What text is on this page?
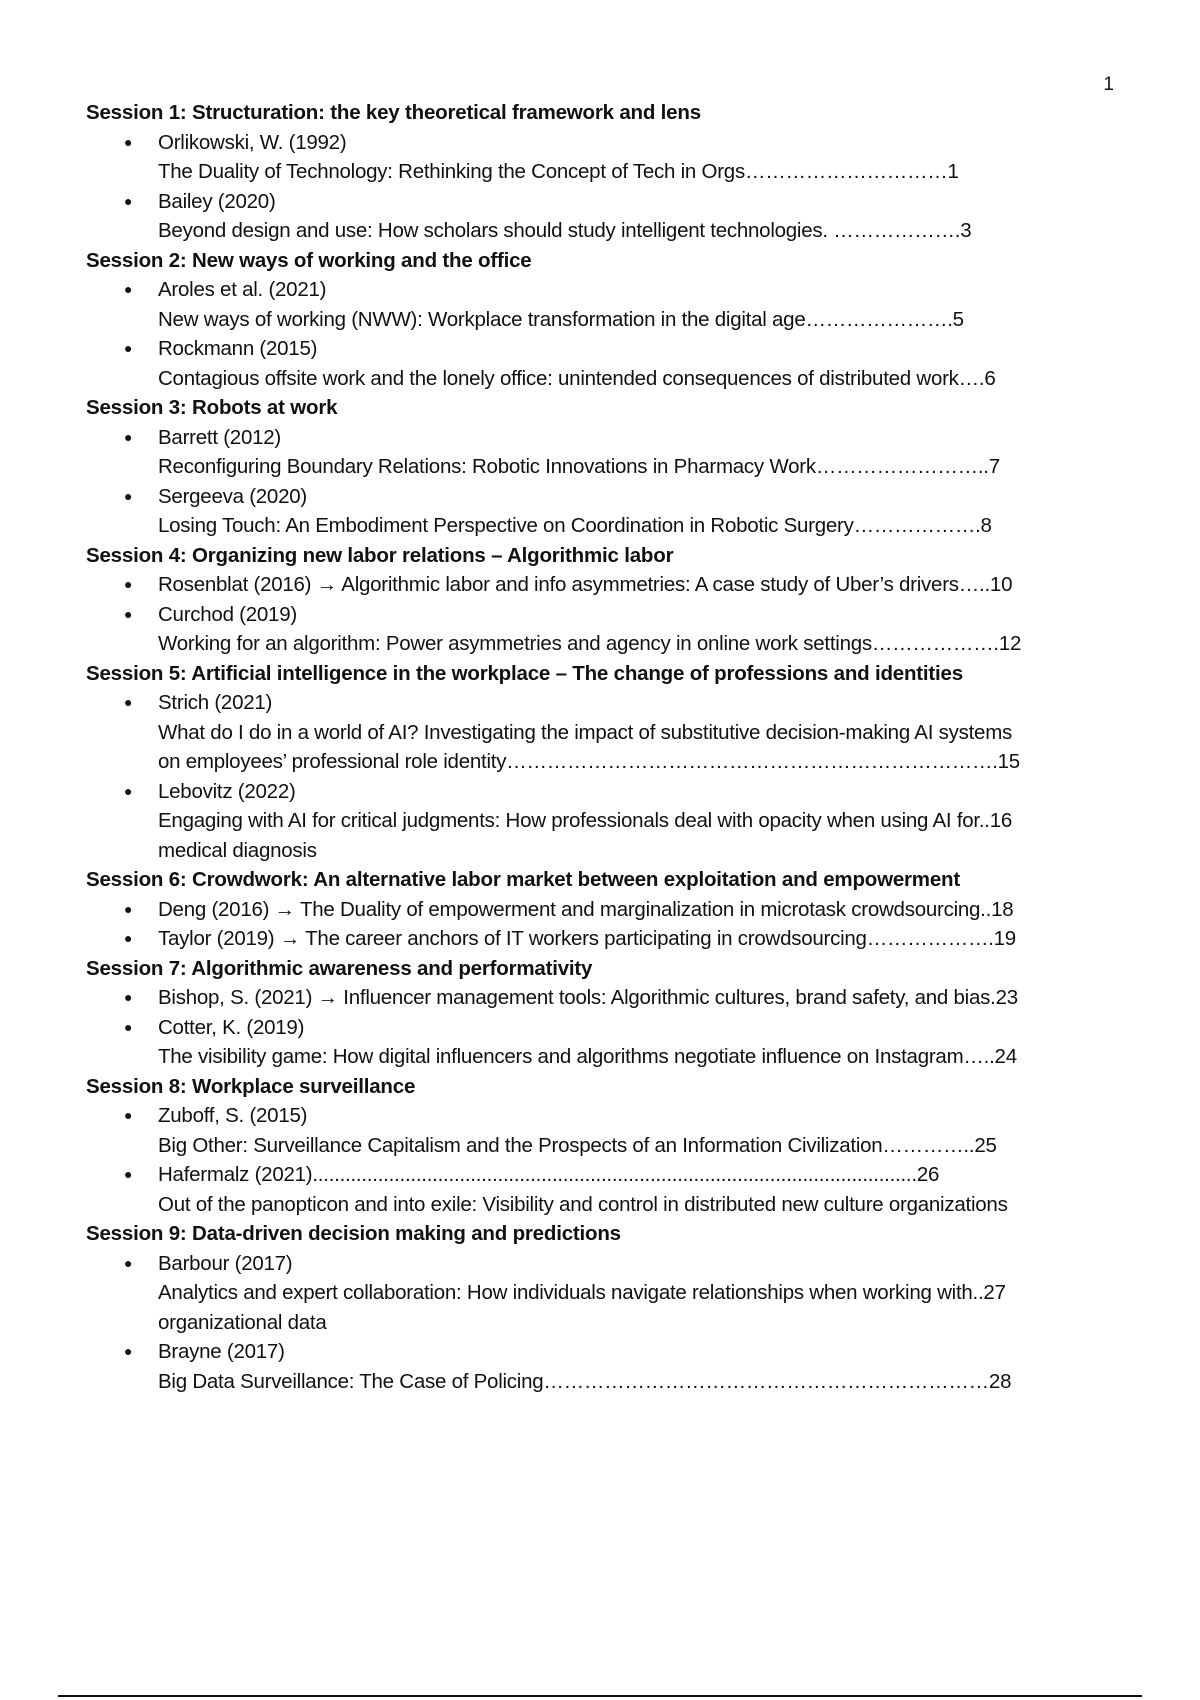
1
Session 1: Structuration: the key theoretical framework and lens
● Orlikowski, W. (1992)
The Duality of Technology: Rethinking the Concept of Tech in Orgs…………………………1
● Bailey (2020)
Beyond design and use: How scholars should study intelligent technologies. ……………….3
Session 2: New ways of working and the office
● Aroles et al. (2021)
New ways of working (NWW): Workplace transformation in the digital age………………….5
● Rockmann (2015)
Contagious offsite work and the lonely office: unintended consequences of distributed work….6
Session 3: Robots at work
● Barrett (2012)
Reconfiguring Boundary Relations: Robotic Innovations in Pharmacy Work……………………..7
● Sergeeva (2020)
Losing Touch: An Embodiment Perspective on Coordination in Robotic Surgery……………….8
Session 4: Organizing new labor relations – Algorithmic labor
● Rosenblat (2016) → Algorithmic labor and info asymmetries: A case study of Uber’s drivers…..10
● Curchod (2019)
Working for an algorithm: Power asymmetries and agency in online work settings……………….12
Session 5: Artificial intelligence in the workplace – The change of professions and identities
● Strich (2021)
What do I do in a world of AI? Investigating the impact of substitutive decision-making AI systems
on employees’ professional role identity……………………………………………………………….15
● Lebovitz (2022)
Engaging with AI for critical judgments: How professionals deal with opacity when using AI for..16
medical diagnosis
Session 6: Crowdwork: An alternative labor market between exploitation and empowerment
● Deng (2016) → The Duality of empowerment and marginalization in microtask crowdsourcing..18
● Taylor (2019) → The career anchors of IT workers participating in crowdsourcing……………….19
Session 7: Algorithmic awareness and performativity
● Bishop, S. (2021) → Influencer management tools: Algorithmic cultures, brand safety, and bias.23
● Cotter, K. (2019)
The visibility game: How digital influencers and algorithms negotiate influence on Instagram…..24
Session 8: Workplace surveillance
● Zuboff, S. (2015)
Big Other: Surveillance Capitalism and the Prospects of an Information Civilization…………..25
● Hafermalz (2021)...............................................................................................................26
Out of the panopticon and into exile: Visibility and control in distributed new culture organizations
Session 9: Data-driven decision making and predictions
● Barbour (2017)
Analytics and expert collaboration: How individuals navigate relationships when working with..27
organizational data
● Brayne (2017)
Big Data Surveillance: The Case of Policing…………………………………………………………28
